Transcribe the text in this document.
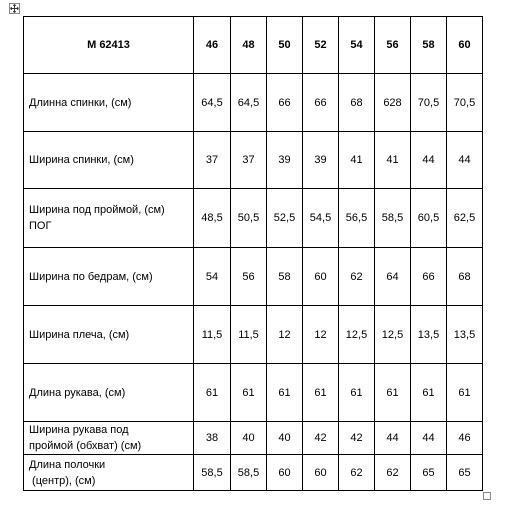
M 62413	46	48	50	52	54	56	58	60
Длинна спинки, (см)	64,5	64,5	66	66	68	628	70,5	70,5
Ширина спинки, (см)	37	37	39	39	41	41	44	44
Ширина под проймой, (см)
ПОГ	48,5	50,5	52,5	54,5	56,5	58,5	60,5	62,5
Ширина по бедрам, (см)	54	56	58	60	62	64	66	68
Ширина плеча, (см)	11,5	11,5	12	12	12,5	12,5	13,5	13,5
Длина рукава, (см)	61	61	61	61	61	61	61	61
Ширина рукава под
проймой (обхват) (см)	38	40	40	42	42	44	44	46
Длина полочки
(центр), (см)	58,5	58,5	60	60	62	62	65	65
